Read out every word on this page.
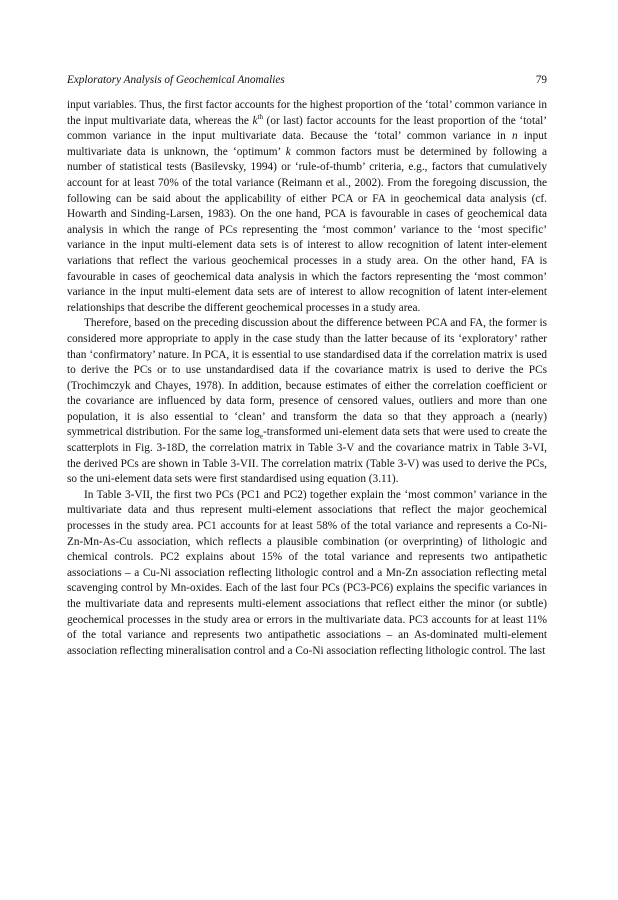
Exploratory Analysis of Geochemical Anomalies	79

input variables. Thus, the first factor accounts for the highest proportion of the ‘total’ common variance in the input multivariate data, whereas the $k^{th}$ (or last) factor accounts for the least proportion of the ‘total’ common variance in the input multivariate data. Because the ‘total’ common variance in n input multivariate data is unknown, the ‘optimum’ k common factors must be determined by following a number of statistical tests (Basilevsky, 1994) or ‘rule-of-thumb’ criteria, e.g., factors that cumulatively account for at least 70% of the total variance (Reimann et al., 2002). From the foregoing discussion, the following can be said about the applicability of either PCA or FA in geochemical data analysis (cf. Howarth and Sinding-Larsen, 1983). On the one hand, PCA is favourable in cases of geochemical data analysis in which the range of PCs representing the ‘most common’ variance to the ‘most specific’ variance in the input multi-element data sets is of interest to allow recognition of latent inter-element variations that reflect the various geochemical processes in a study area. On the other hand, FA is favourable in cases of geochemical data analysis in which the factors representing the ‘most common’ variance in the input multi-element data sets are of interest to allow recognition of latent inter-element relationships that describe the different geochemical processes in a study area.

Therefore, based on the preceding discussion about the difference between PCA and FA, the former is considered more appropriate to apply in the case study than the latter because of its ‘exploratory’ rather than ‘confirmatory’ nature. In PCA, it is essential to use standardised data if the correlation matrix is used to derive the PCs or to use unstandardised data if the covariance matrix is used to derive the PCs (Trochimczyk and Chayes, 1978). In addition, because estimates of either the correlation coefficient or the covariance are influenced by data form, presence of censored values, outliers and more than one population, it is also essential to ‘clean’ and transform the data so that they approach a (nearly) symmetrical distribution. For the same $\log_e$-transformed uni-element data sets that were used to create the scatterplots in Fig. 3-18D, the correlation matrix in Table 3-V and the covariance matrix in Table 3-VI, the derived PCs are shown in Table 3-VII. The correlation matrix (Table 3-V) was used to derive the PCs, so the uni-element data sets were first standardised using equation (3.11).

In Table 3-VII, the first two PCs (PC1 and PC2) together explain the ‘most common’ variance in the multivariate data and thus represent multi-element associations that reflect the major geochemical processes in the study area. PC1 accounts for at least 58% of the total variance and represents a Co-Ni-Zn-Mn-As-Cu association, which reflects a plausible combination (or overprinting) of lithologic and chemical controls. PC2 explains about 15% of the total variance and represents two antipathetic associations – a Cu-Ni association reflecting lithologic control and a Mn-Zn association reflecting metal scavenging control by Mn-oxides. Each of the last four PCs (PC3-PC6) explains the specific variances in the multivariate data and represents multi-element associations that reflect either the minor (or subtle) geochemical processes in the study area or errors in the multivariate data. PC3 accounts for at least 11% of the total variance and represents two antipathetic associations – an As-dominated multi-element association reflecting mineralisation control and a Co-Ni association reflecting lithologic control. The last
